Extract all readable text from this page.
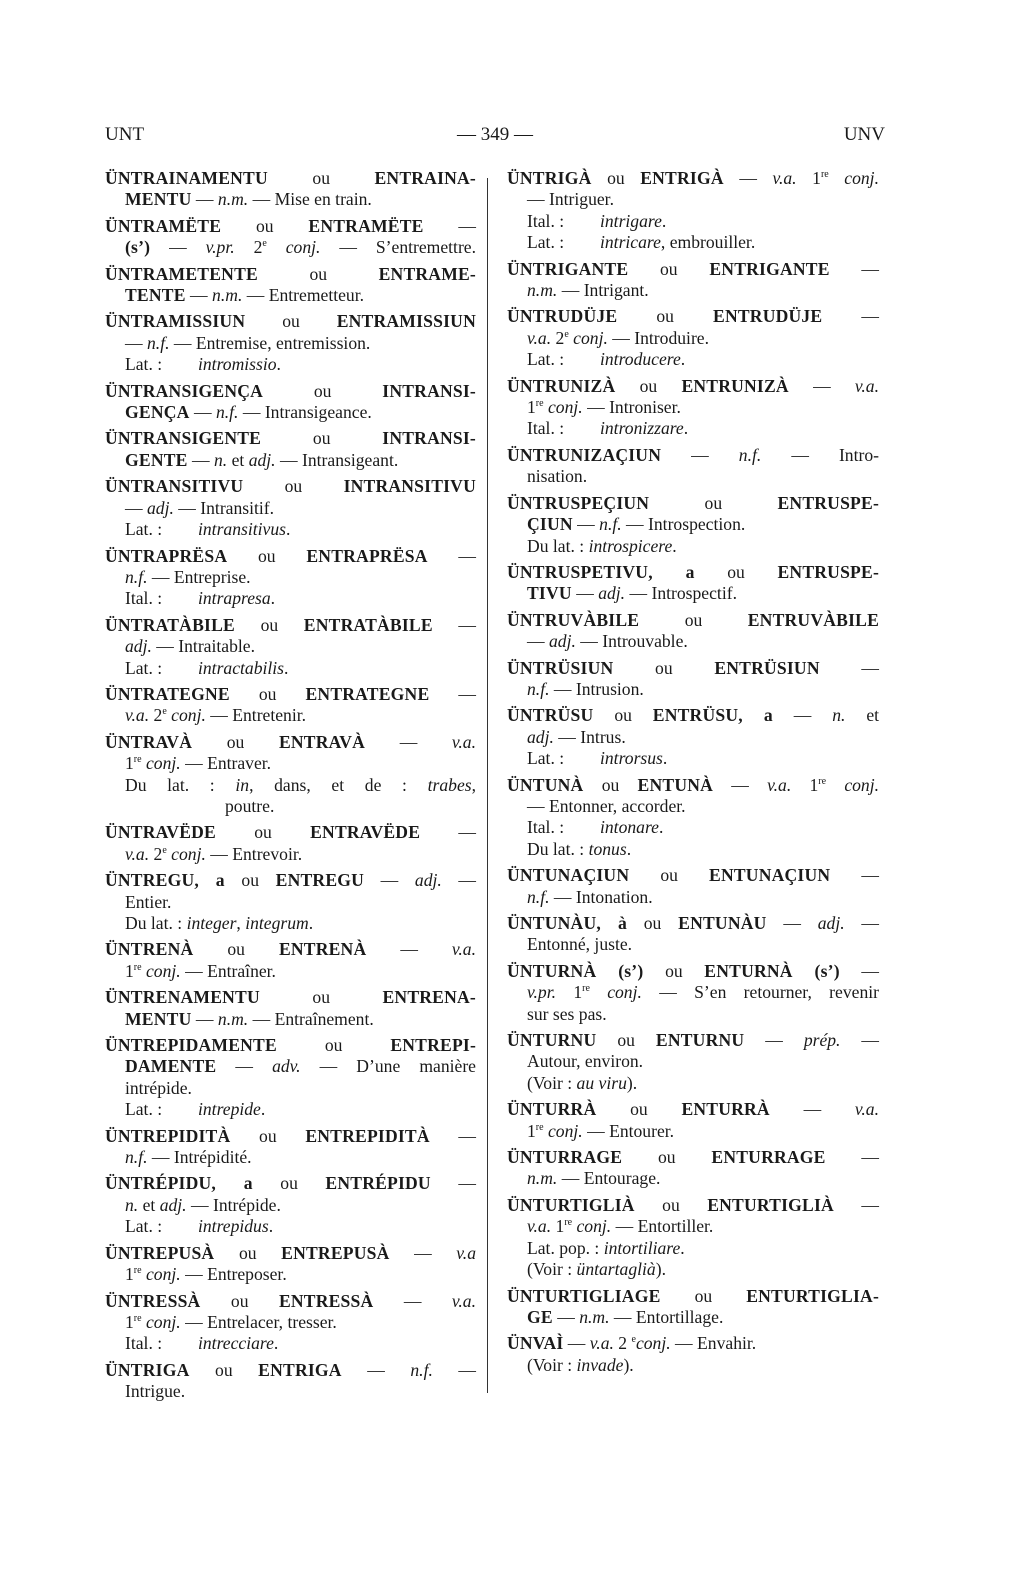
UNT	— 349 —	UNV
ÜNTRAINAMENTU ou ENTRAINA-
MENTU — n.m. — Mise en train.
ÜNTRAMËTE ou ENTRAMËTE —
(s’) — v.pr. 2e conj. — S’entremettre.
ÜNTRAMETENTE ou ENTRAME-
TENTE — n.m. — Entremetteur.
ÜNTRAMISSIUN ou ENTRAMISSIUN
— n.f. — Entremise, entremission.
Lat. : intromissio.
ÜNTRANSIGENÇA ou INTRANSI-
GENÇA — n.f. — Intransigeance.
ÜNTRANSIGENTE ou INTRANSI-
GENTE — n. et adj. — Intransigeant.
ÜNTRANSITIVU ou INTRANSITIVU
— adj. — Intransitif.
Lat. : intransitivus.
ÜNTRAPRËSA ou ENTRAPRËSA —
n.f. — Entreprise.
Ital. : intrapresa.
ÜNTRATÀBILE ou ENTRATÀBILE —
adj. — Intraitable.
Lat. : intractabilis.
ÜNTRATEGNE ou ENTRATEGNE —
v.a. 2e conj. — Entretenir.
ÜNTRAVÀ ou ENTRAVÀ — v.a.
1re conj. — Entraver.
Du lat. : in, dans, et de : trabes,
poutre.
ÜNTRAVËDE ou ENTRAVËDE —
v.a. 2e conj. — Entrevoir.
ÜNTREGU, a ou ENTREGU — adj. —
Entier.
Du lat. : integer, integrum.
ÜNTRENÀ ou ENTRENÀ — v.a.
1re conj. — Entraîner.
ÜNTRENAMENTU ou ENTRENA-
MENTU — n.m. — Entraînement.
ÜNTREPIDAMENTE ou ENTREPI-
DAMENTE — adv. — D’une manière
intrépide.
Lat. : intrepide.
ÜNTREPIDITÀ ou ENTREPIDITÀ —
n.f. — Intrépidité.
ÜNTRÉPIDU, a ou ENTRÉPIDU —
n. et adj. — Intrépide.
Lat. : intrepidus.
ÜNTREPUSÀ ou ENTREPUSÀ — v.a
1re conj. — Entreposer.
ÜNTRESSÀ ou ENTRESSÀ — v.a.
1re conj. — Entrelacer, tresser.
Ital. : intrecciare.
ÜNTRIGA ou ENTRIGA — n.f. —
Intrigue.
ÜNTRIGÀ ou ENTRIGÀ — v.a. 1re conj.
— Intriguer.
Ital. : intrigare.
Lat. : intricare, embrouiller.
ÜNTRIGANTE ou ENTRIGANTE —
n.m. — Intrigant.
ÜNTRUDÜJE ou ENTRUDÜJE —
v.a. 2e conj. — Introduire.
Lat. : introducere.
ÜNTRUNIZÀ ou ENTRUNIZÀ — v.a.
1re conj. — Introniser.
Ital. : intronizzare.
ÜNTRUNIZAÇIUN — n.f. — Intro-
nisation.
ÜNTRUSPEÇIUN ou ENTRUSPE-
ÇIUN — n.f. — Introspection.
Du lat. : introspicere.
ÜNTRUSPETIVU, a ou ENTRUSPE-
TIVU — adj. — Introspectif.
ÜNTRUVÀBILE ou ENTRUVÀBILE
— adj. — Introuvable.
ÜNTRÜSIUN ou ENTRÜSIUN —
n.f. — Intrusion.
ÜNTRÜSU ou ENTRÜSU, a — n. et
adj. — Intrus.
Lat. : introrsus.
ÜNTUNÀ ou ENTUNÀ — v.a. 1re conj.
— Entonner, accorder.
Ital. : intonare.
Du lat. : tonus.
ÜNTUNAÇIUN ou ENTUNAÇIUN —
n.f. — Intonation.
ÜNTUNÀU, à ou ENTUNÀU — adj. —
Entonné, juste.
ÜNTURNÀ (s’) ou ENTURNÀ (s’) —
v.pr. 1re conj. — S’en retourner, revenir
sur ses pas.
ÜNTURNU ou ENTURNU — prép. —
Autour, environ.
(Voir : au viru).
ÜNTURRÀ ou ENTURRÀ — v.a.
1re conj. — Entourer.
ÜNTURRAGE ou ENTURRAGE —
n.m. — Entourage.
ÜNTURTIGLIÀ ou ENTURTIGLIÀ —
v.a. 1re conj. — Entortiller.
Lat. pop. : intortiliare.
(Voir : üntartaglià).
ÜNTURTIGLIAGE ou ENTURTIGLIA-
GE — n.m. — Entortillage.
ÜNVAÌ — v.a. 2 $^e$conj. — Envahir.
(Voir : invade).
